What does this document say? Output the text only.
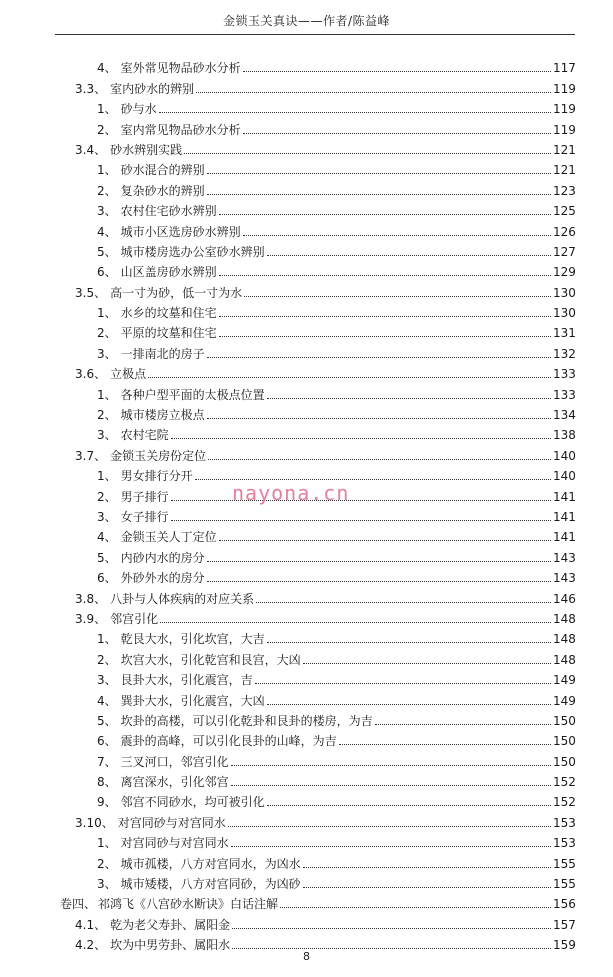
金锁玉关真诀——作者/陈益峰
4、 室外常见物品砂水分析	117
3.3、 室内砂水的辨别	119
1、 砂与水	119
2、 室内常见物品砂水分析	119
3.4、 砂水辨别实践	121
1、 砂水混合的辨别	121
2、 复杂砂水的辨别	123
3、 农村住宅砂水辨别	125
4、 城市小区选房砂水辨别	126
5、 城市楼房选办公室砂水辨别	127
6、 山区盖房砂水辨别	129
3.5、 高一寸为砂，低一寸为水	130
1、 水乡的坟墓和住宅	130
2、 平原的坟墓和住宅	131
3、 一排南北的房子	132
3.6、 立极点	133
1、 各种户型平面的太极点位置	133
2、 城市楼房立极点	134
3、 农村宅院	138
3.7、 金锁玉关房份定位	140
1、 男女排行分开	140
2、 男子排行	141
3、 女子排行	141
4、 金锁玉关人丁定位	141
5、 内砂内水的房分	143
6、 外砂外水的房分	143
3.8、 八卦与人体疾病的对应关系	146
3.9、 邻宫引化	148
1、 乾艮大水，引化坎宫，大吉	148
2、 坎宫大水，引化乾宫和艮宫，大凶	148
3、 艮卦大水，引化震宫，吉	149
4、 巽卦大水，引化震宫，大凶	149
5、 坎卦的高楼，可以引化乾卦和艮卦的楼房，为吉	150
6、 震卦的高峰，可以引化艮卦的山峰，为吉	150
7、 三叉河口，邻宫引化	150
8、 离宫深水，引化邻宫	152
9、 邻宫不同砂水，均可被引化	152
3.10、 对宫同砂与对宫同水	153
1、 对宫同砂与对宫同水	153
2、 城市孤楼，八方对宫同水，为凶水	155
3、 城市矮楼，八方对宫同砂，为凶砂	155
卷四、 祁鸿飞《八宫砂水断诀》白话注解	156
4.1、 乾为老父寿卦、属阳金	157
4.2、 坎为中男劳卦、属阳水	159
nayona.cn
8
